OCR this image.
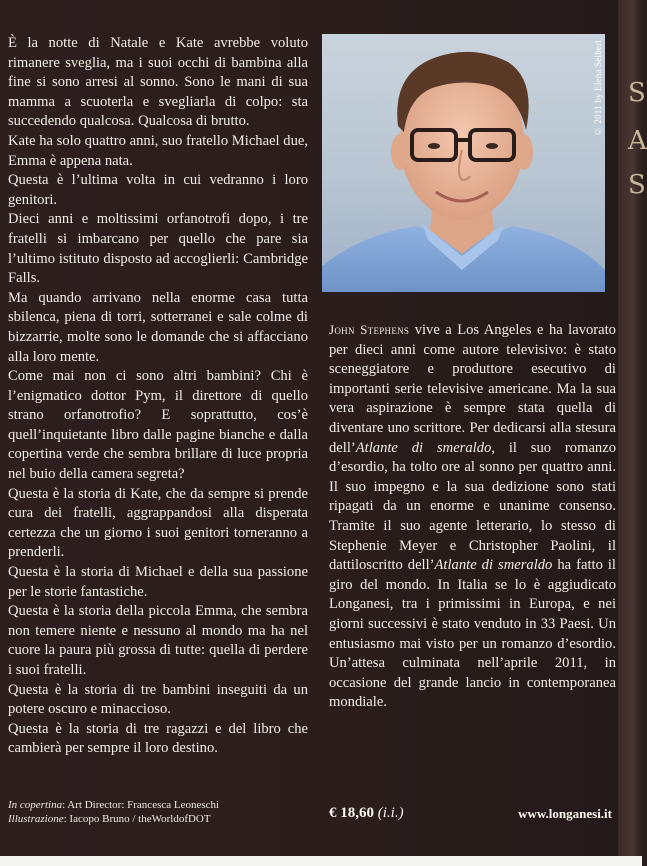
È la notte di Natale e Kate avrebbe voluto rimanere sveglia, ma i suoi occhi di bambina alla fine si sono arresi al sonno. Sono le mani di sua mamma a scuoterla e svegliarla di colpo: sta succedendo qualcosa. Qualcosa di brutto.

Kate ha solo quattro anni, suo fratello Michael due, Emma è appena nata.

Questa è l’ultima volta in cui vedranno i loro genitori.

Dieci anni e moltissimi orfanotrofi dopo, i tre fratelli si imbarcano per quello che pare sia l’ultimo istituto disposto ad accoglierli: Cambridge Falls.

Ma quando arrivano nella enorme casa tutta sbilenca, piena di torri, sotterranei e sale colme di bizzarrie, molte sono le domande che si affacciano alla loro mente.

Come mai non ci sono altri bambini? Chi è l’enigmatico dottor Pym, il direttore di quello strano orfanotrofio? E soprattutto, cos’è quell’inquietante libro dalle pagine bianche e dalla copertina verde che sembra brillare di luce propria nel buio della camera segreta?

Questa è la storia di Kate, che da sempre si prende cura dei fratelli, aggrappandosi alla disperata certezza che un giorno i suoi genitori torneranno a prenderli.

Questa è la storia di Michael e della sua passione per le storie fantastiche.

Questa è la storia della piccola Emma, che sembra non temere niente e nessuno al mondo ma ha nel cuore la paura più grossa di tutte: quella di perdere i suoi fratelli.

Questa è la storia di tre bambini inseguiti da un potere oscuro e minaccioso.

Questa è la storia di tre ragazzi e del libro che cambierà per sempre il loro destino.

In copertina: Art Director: Francesca Leoneschi
Illustrazione: Iacopo Bruno / theWorldofDOT
© 2011 by Elena Seibert
John Stephens vive a Los Angeles e ha lavorato per dieci anni come autore televisivo: è stato sceneggiatore e produttore esecutivo di importanti serie televisive americane. Ma la sua vera aspirazione è sempre stata quella di diventare uno scrittore. Per dedicarsi alla stesura dell’Atlante di smeraldo, il suo romanzo d’esordio, ha tolto ore al sonno per quattro anni. Il suo impegno e la sua dedizione sono stati ripagati da un enorme e unanime consenso. Tramite il suo agente letterario, lo stesso di Stephenie Meyer e Christopher Paolini, il dattiloscritto dell’Atlante di smeraldo ha fatto il giro del mondo. In Italia se lo è aggiudicato Longanesi, tra i primissimi in Europa, e nei giorni successivi è stato venduto in 33 Paesi. Un entusiasmo mai visto per un romanzo d’esordio. Un’attesa culminata nell’aprile 2011, in occasione del grande lancio in contemporanea mondiale.
€ 18,60 (i.i.)	www.longanesi.it
S
A
S
